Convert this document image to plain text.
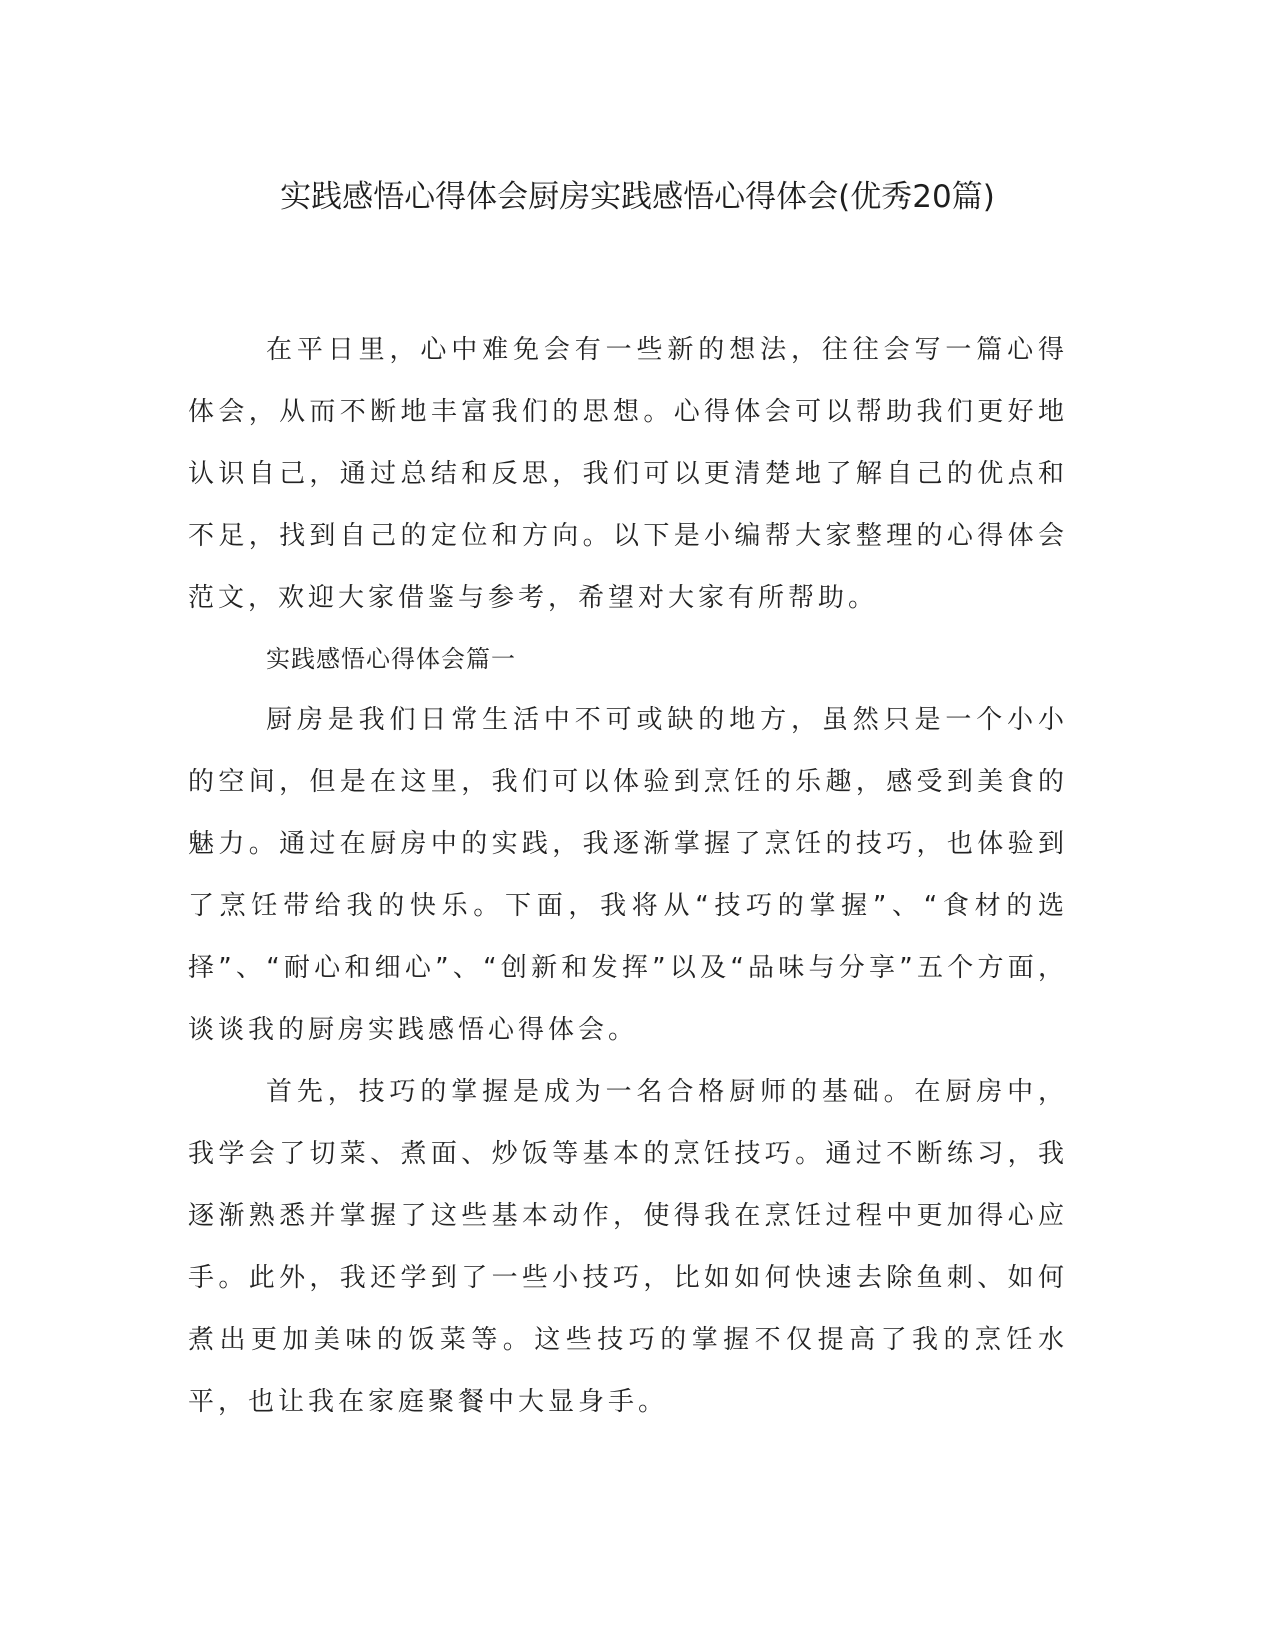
实践感悟心得体会厨房实践感悟心得体会(优秀20篇)

在平日里，心中难免会有一些新的想法，往往会写一篇心得体会，从而不断地丰富我们的思想。心得体会可以帮助我们更好地认识自己，通过总结和反思，我们可以更清楚地了解自己的优点和不足，找到自己的定位和方向。以下是小编帮大家整理的心得体会范文，欢迎大家借鉴与参考，希望对大家有所帮助。

实践感悟心得体会篇一

厨房是我们日常生活中不可或缺的地方，虽然只是一个小小的空间，但是在这里，我们可以体验到烹饪的乐趣，感受到美食的魅力。通过在厨房中的实践，我逐渐掌握了烹饪的技巧，也体验到了烹饪带给我的快乐。下面，我将从“技巧的掌握”、“食材的选择”、“耐心和细心”、“创新和发挥”以及“品味与分享”五个方面，谈谈我的厨房实践感悟心得体会。

首先，技巧的掌握是成为一名合格厨师的基础。在厨房中，我学会了切菜、煮面、炒饭等基本的烹饪技巧。通过不断练习，我逐渐熟悉并掌握了这些基本动作，使得我在烹饪过程中更加得心应手。此外，我还学到了一些小技巧，比如如何快速去除鱼刺、如何煮出更加美味的饭菜等。这些技巧的掌握不仅提高了我的烹饪水平，也让我在家庭聚餐中大显身手。
